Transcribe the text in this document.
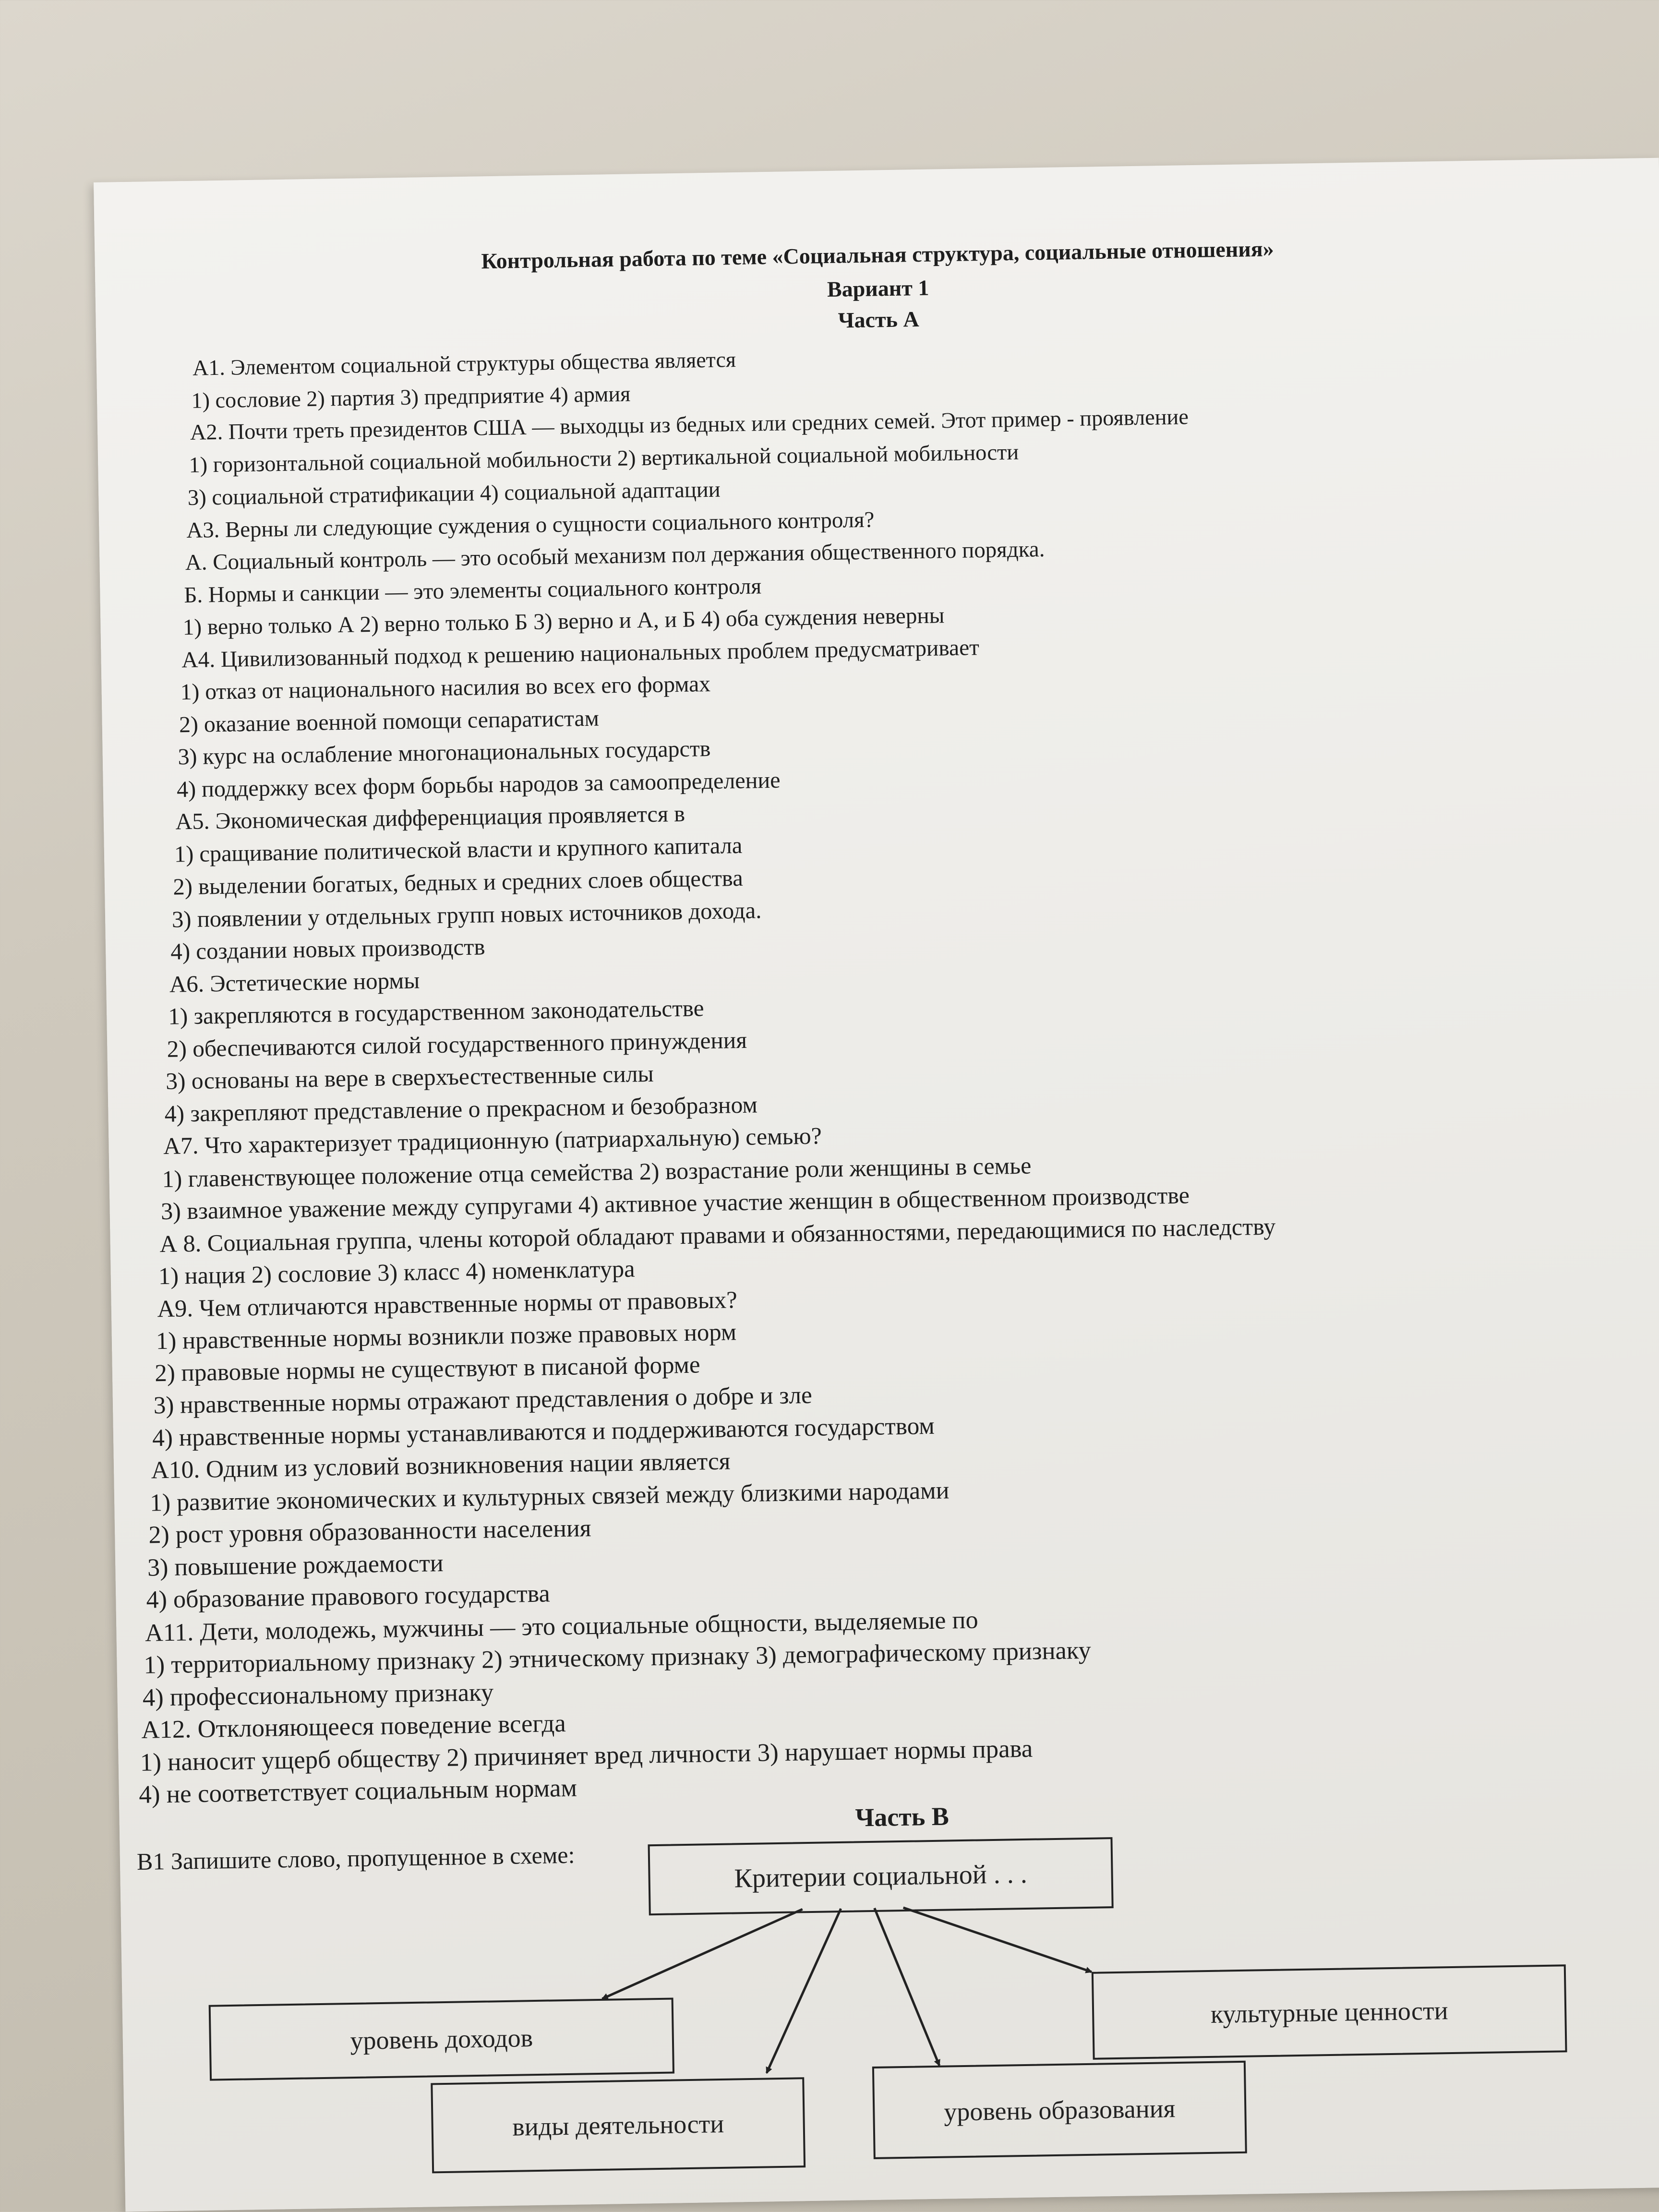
Контрольная работа по теме «Социальная структура, социальные отношения»
Вариант 1
Часть А
А1. Элементом социальной структуры общества является
1) сословие 2) партия 3) предприятие 4) армия
А2. Почти треть президентов США — выходцы из бедных или средних семей. Этот пример - проявление
1) горизонтальной социальной мобильности 2) вертикальной социальной мобильности
3) социальной стратификации 4) социальной адаптации
А3. Верны ли следующие суждения о сущности социального контроля?
А. Социальный контроль — это особый механизм пол держания общественного порядка.
Б. Нормы и санкции — это элементы социального контроля
1) верно только А 2) верно только Б 3) верно и А, и Б 4) оба суждения неверны
А4. Цивилизованный подход к решению национальных проблем предусматривает
1) отказ от национального насилия во всех его формах
2) оказание военной помощи сепаратистам
3) курс на ослабление многонациональных государств
4) поддержку всех форм борьбы народов за самоопределение
А5. Экономическая дифференциация проявляется в
1) сращивание политической власти и крупного капитала
2) выделении богатых, бедных и средних слоев общества
3) появлении у отдельных групп новых источников дохода.
4) создании новых производств
А6. Эстетические нормы
1) закрепляются в государственном законодательстве
2) обеспечиваются силой государственного принуждения
3) основаны на вере в сверхъестественные силы
4) закрепляют представление о прекрасном и безобразном
А7. Что характеризует традиционную (патриархальную) семью?
1) главенствующее положение отца семейства 2) возрастание роли женщины в семье
3) взаимное уважение между супругами 4) активное участие женщин в общественном производстве
А 8. Социальная группа, члены которой обладают правами и обязанностями, передающимися по наследству
1) нация 2) сословие 3) класс 4) номенклатура
А9. Чем отличаются нравственные нормы от правовых?
1) нравственные нормы возникли позже правовых норм
2) правовые нормы не существуют в писаной форме
3) нравственные нормы отражают представления о добре и зле
4) нравственные нормы устанавливаются и поддерживаются государством
А10. Одним из условий возникновения нации является
1) развитие экономических и культурных связей между близкими народами
2) рост уровня образованности населения
3) повышение рождаемости
4) образование правового государства
А11. Дети, молодежь, мужчины — это социальные общности, выделяемые по
1) территориальному признаку 2) этническому признаку 3) демографическому признаку
4) профессиональному признаку
А12. Отклоняющееся поведение всегда
1) наносит ущерб обществу 2) причиняет вред личности 3) нарушает нормы права
4) не соответствует социальным нормам
Часть В
В1 Запишите слово, пропущенное в схеме:
Критерии социальной . . .
уровень доходов
культурные ценности
виды деятельности	уровень образования
